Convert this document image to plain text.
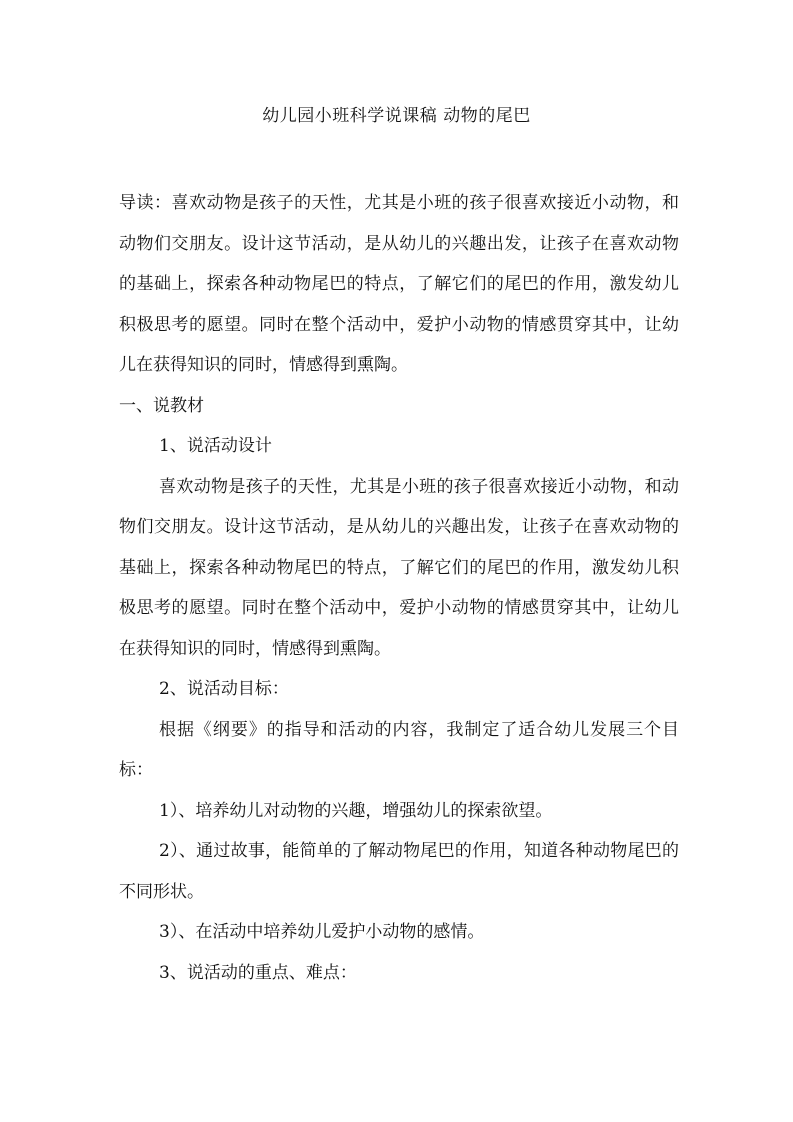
幼儿园小班科学说课稿 动物的尾巴

导读：喜欢动物是孩子的天性，尤其是小班的孩子很喜欢接近小动物，和动物们交朋友。设计这节活动，是从幼儿的兴趣出发，让孩子在喜欢动物的基础上，探索各种动物尾巴的特点，了解它们的尾巴的作用，激发幼儿积极思考的愿望。同时在整个活动中，爱护小动物的情感贯穿其中，让幼儿在获得知识的同时，情感得到熏陶。

一、说教材

1、说活动设计

喜欢动物是孩子的天性，尤其是小班的孩子很喜欢接近小动物，和动物们交朋友。设计这节活动，是从幼儿的兴趣出发，让孩子在喜欢动物的基础上，探索各种动物尾巴的特点，了解它们的尾巴的作用，激发幼儿积极思考的愿望。同时在整个活动中，爱护小动物的情感贯穿其中，让幼儿在获得知识的同时，情感得到熏陶。

2、说活动目标：

根据《纲要》的指导和活动的内容，我制定了适合幼儿发展三个目标：

1）、培养幼儿对动物的兴趣，增强幼儿的探索欲望。

2）、通过故事，能简单的了解动物尾巴的作用，知道各种动物尾巴的不同形状。

3）、在活动中培养幼儿爱护小动物的感情。

3、说活动的重点、难点：
